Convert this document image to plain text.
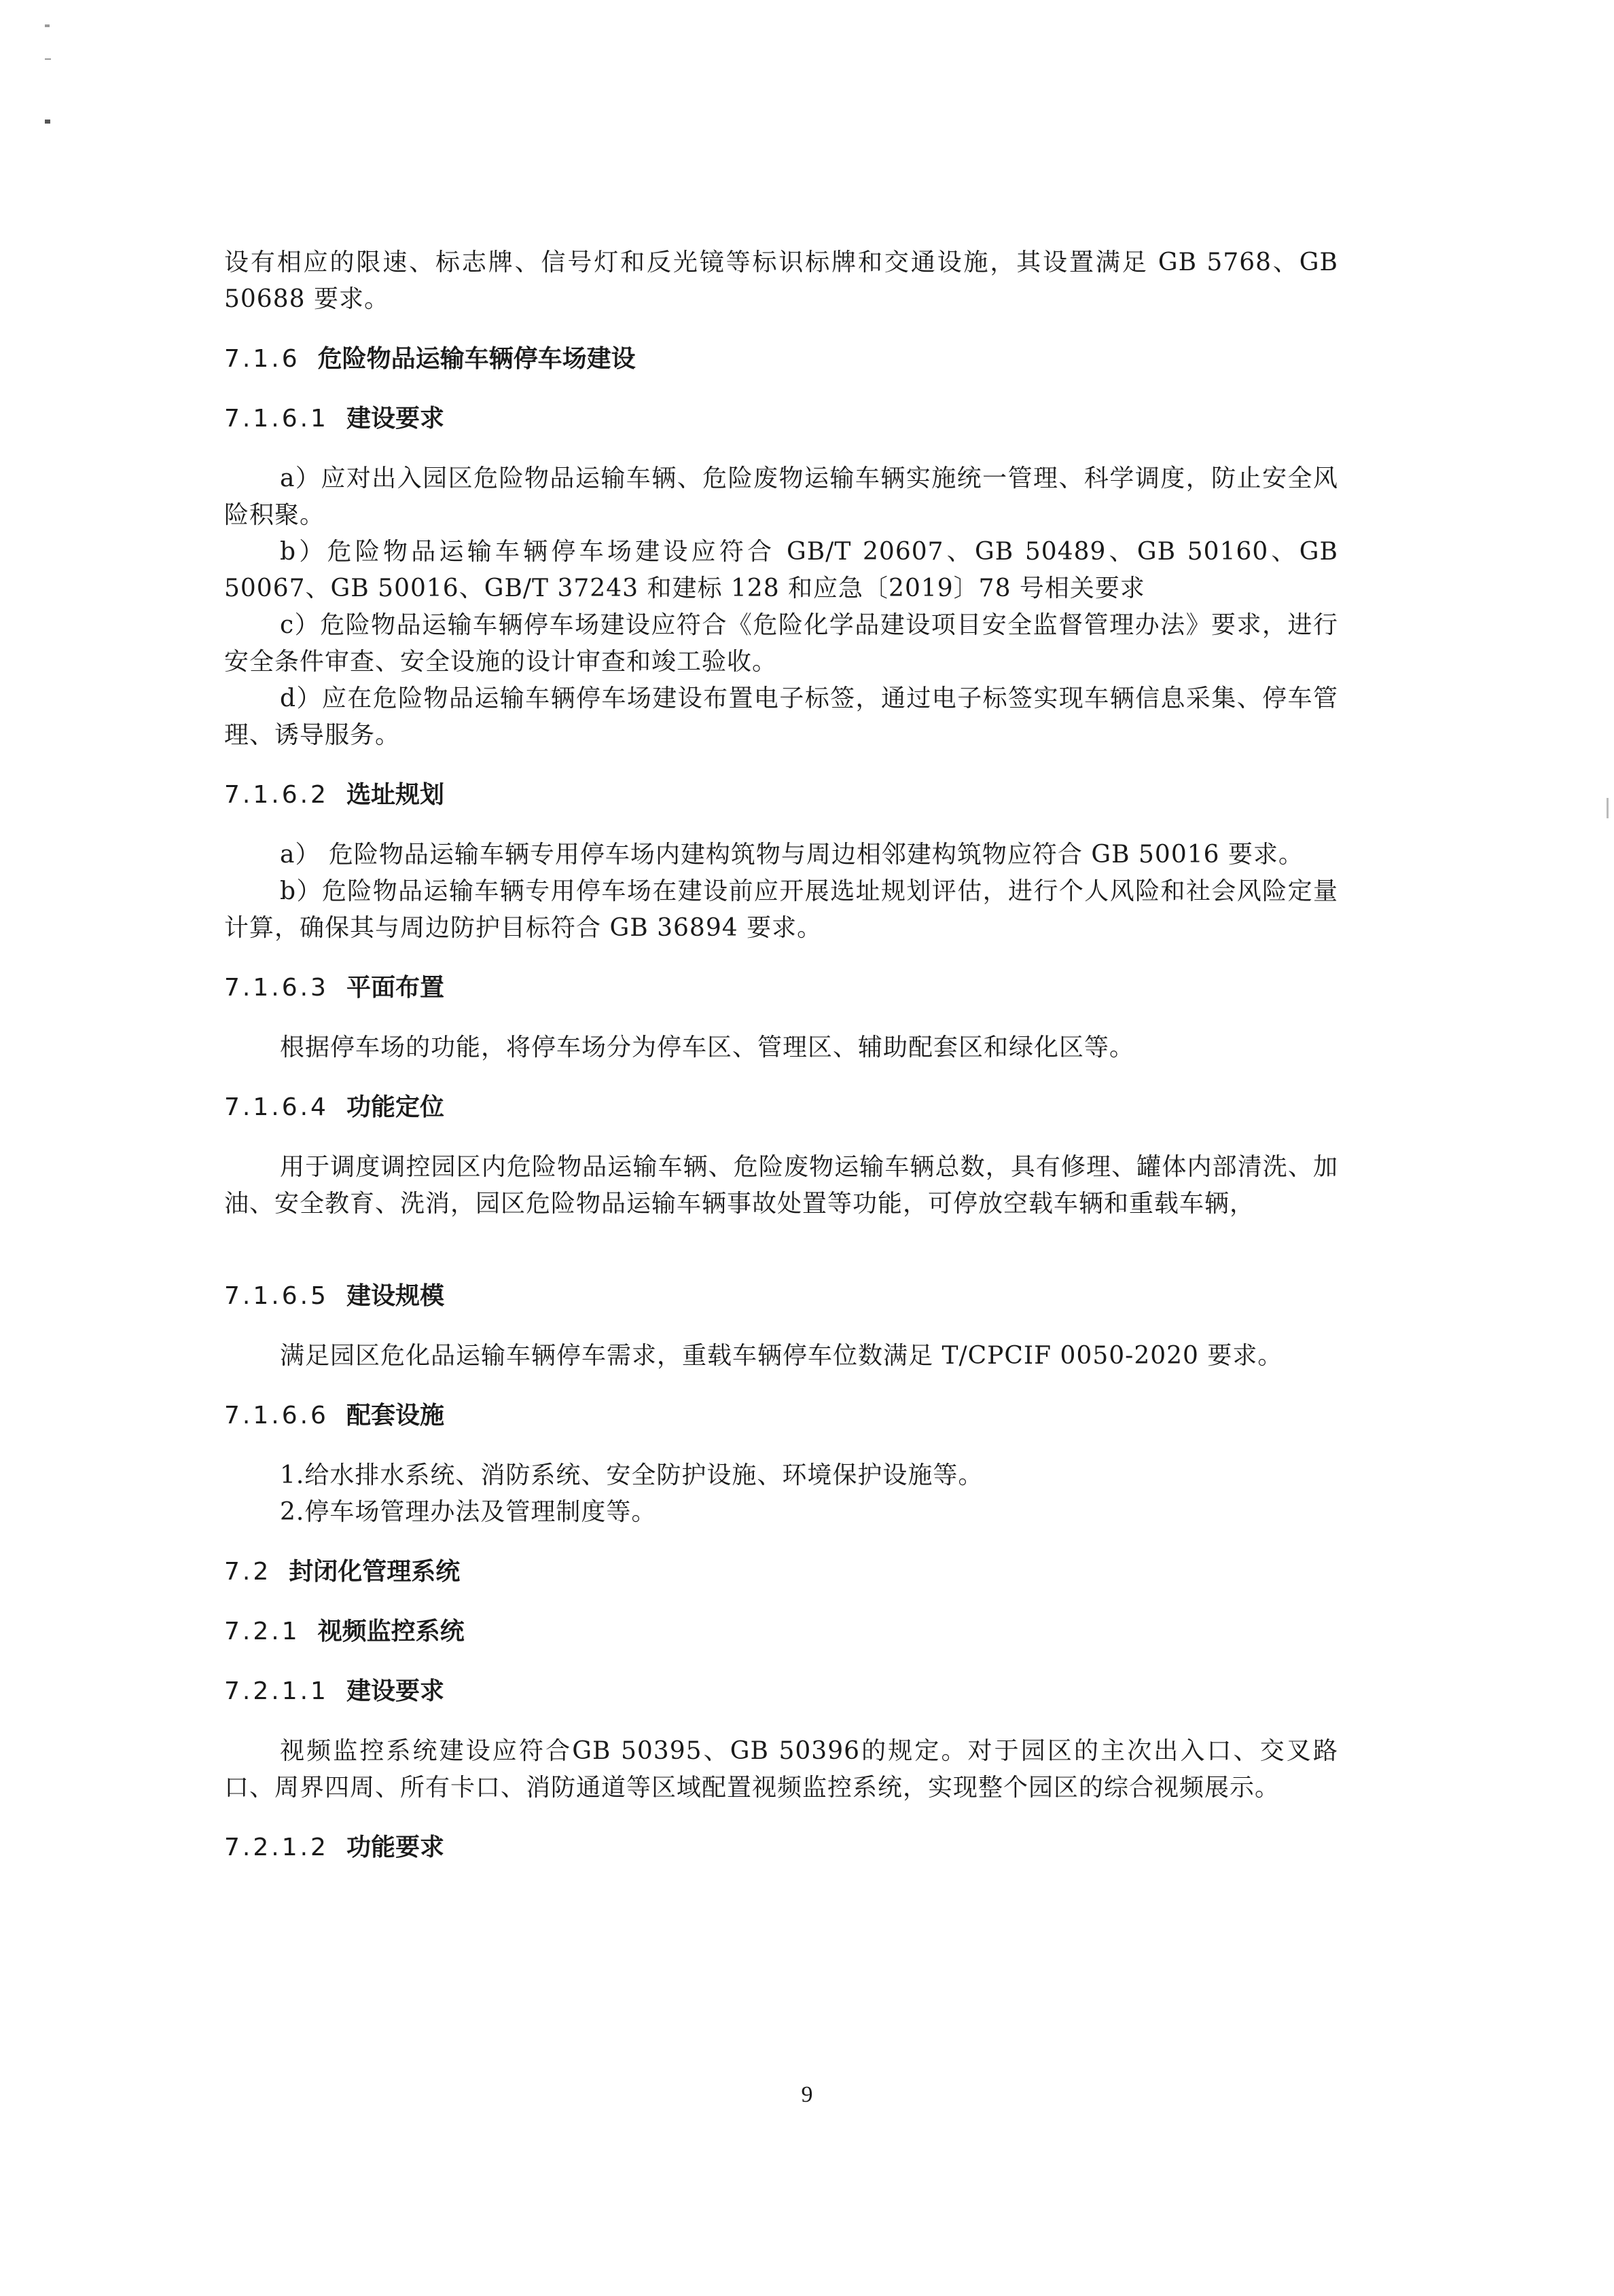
设有相应的限速、标志牌、信号灯和反光镜等标识标牌和交通设施，其设置满足 GB 5768、GB 50688 要求。

7.1.6 危险物品运输车辆停车场建设

7.1.6.1 建设要求

a）应对出入园区危险物品运输车辆、危险废物运输车辆实施统一管理、科学调度，防止安全风险积聚。

b）危险物品运输车辆停车场建设应符合 GB/T 20607、GB 50489、GB 50160、GB 50067、GB 50016、GB/T 37243 和建标 128 和应急〔2019〕78 号相关要求

c）危险物品运输车辆停车场建设应符合《危险化学品建设项目安全监督管理办法》要求，进行安全条件审查、安全设施的设计审查和竣工验收。

d）应在危险物品运输车辆停车场建设布置电子标签，通过电子标签实现车辆信息采集、停车管理、诱导服务。

7.1.6.2 选址规划

a） 危险物品运输车辆专用停车场内建构筑物与周边相邻建构筑物应符合 GB 50016 要求。

b）危险物品运输车辆专用停车场在建设前应开展选址规划评估，进行个人风险和社会风险定量计算，确保其与周边防护目标符合 GB 36894 要求。

7.1.6.3 平面布置

根据停车场的功能，将停车场分为停车区、管理区、辅助配套区和绿化区等。

7.1.6.4 功能定位

用于调度调控园区内危险物品运输车辆、危险废物运输车辆总数，具有修理、罐体内部清洗、加油、安全教育、洗消，园区危险物品运输车辆事故处置等功能，可停放空载车辆和重载车辆，

7.1.6.5 建设规模

满足园区危化品运输车辆停车需求，重载车辆停车位数满足 T/CPCIF 0050-2020 要求。

7.1.6.6 配套设施

1.给水排水系统、消防系统、安全防护设施、环境保护设施等。

2.停车场管理办法及管理制度等。

7.2 封闭化管理系统

7.2.1 视频监控系统

7.2.1.1 建设要求

视频监控系统建设应符合GB 50395、GB 50396的规定。对于园区的主次出入口、交叉路口、周界四周、所有卡口、消防通道等区域配置视频监控系统，实现整个园区的综合视频展示。

7.2.1.2 功能要求

9
